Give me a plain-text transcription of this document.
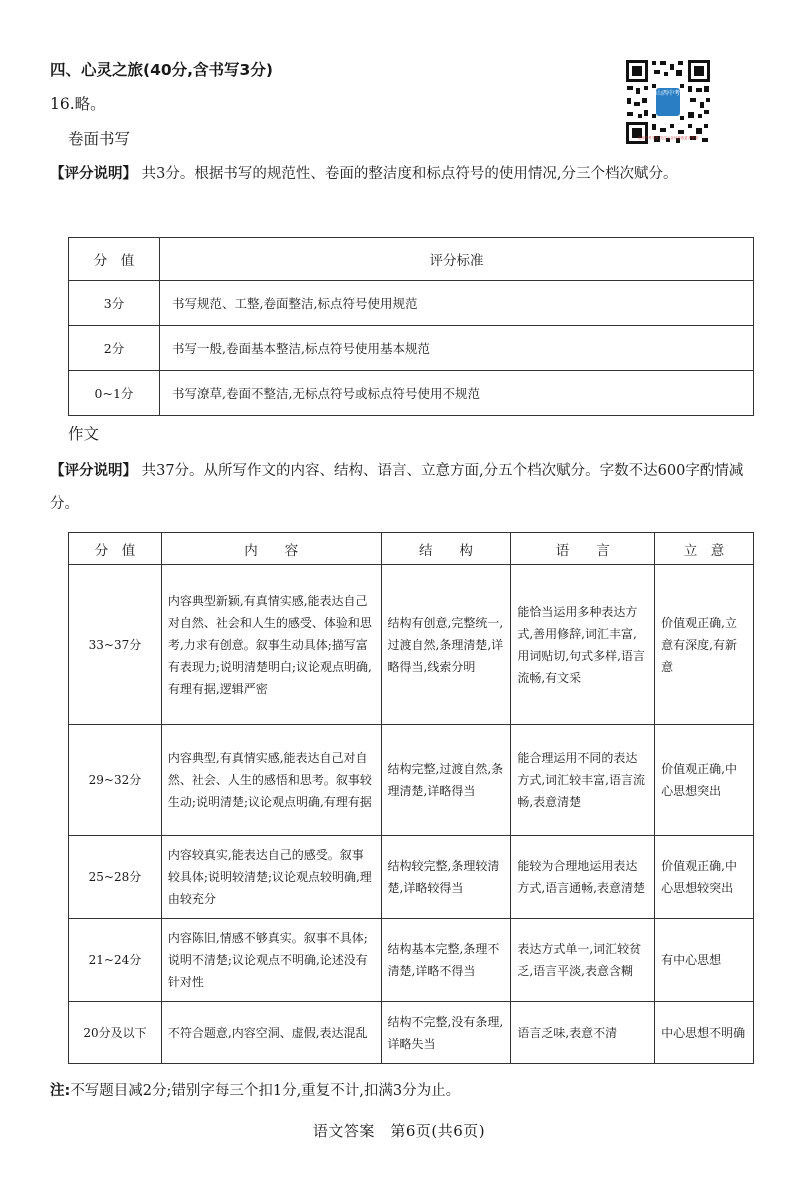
四、心灵之旅(40分,含书写3分)
16.略。
山西中考
山西中考平台 关注公众号获取更多资讯
卷面书写
【评分说明】 共3分。根据书写的规范性、卷面的整洁度和标点符号的使用情况,分三个档次赋分。
分　值	评分标准
3分	书写规范、工整,卷面整洁,标点符号使用规范
2分	书写一般,卷面基本整洁,标点符号使用基本规范
0~1分	书写潦草,卷面不整洁,无标点符号或标点符号使用不规范
作文
【评分说明】 共37分。从所写作文的内容、结构、语言、立意方面,分五个档次赋分。字数不达600字酌情减分。
分　值	内　　容	结　　构	语　　言	立　意
33~37分	内容典型新颖,有真情实感,能表达自己对自然、社会和人生的感受、体验和思考,力求有创意。叙事生动具体;描写富有表现力;说明清楚明白;议论观点明确,有理有据,逻辑严密	结构有创意,完整统一,过渡自然,条理清楚,详略得当,线索分明	能恰当运用多种表达方式,善用修辞,词汇丰富,用词贴切,句式多样,语言流畅,有文采	价值观正确,立意有深度,有新意
29~32分	内容典型,有真情实感,能表达自己对自然、社会、人生的感悟和思考。叙事较生动;说明清楚;议论观点明确,有理有据	结构完整,过渡自然,条理清楚,详略得当	能合理运用不同的表达方式,词汇较丰富,语言流畅,表意清楚	价值观正确,中心思想突出
25~28分	内容较真实,能表达自己的感受。叙事较具体;说明较清楚;议论观点较明确,理由较充分	结构较完整,条理较清楚,详略较得当	能较为合理地运用表达方式,语言通畅,表意清楚	价值观正确,中心思想较突出
21~24分	内容陈旧,情感不够真实。叙事不具体;说明不清楚;议论观点不明确,论述没有针对性	结构基本完整,条理不清楚,详略不得当	表达方式单一,词汇较贫乏,语言平淡,表意含糊	有中心思想
20分及以下	不符合题意,内容空洞、虚假,表达混乱	结构不完整,没有条理,详略失当	语言乏味,表意不清	中心思想不明确
注:不写题目减2分;错别字每三个扣1分,重复不计,扣满3分为止。
语文答案　第6页(共6页)
